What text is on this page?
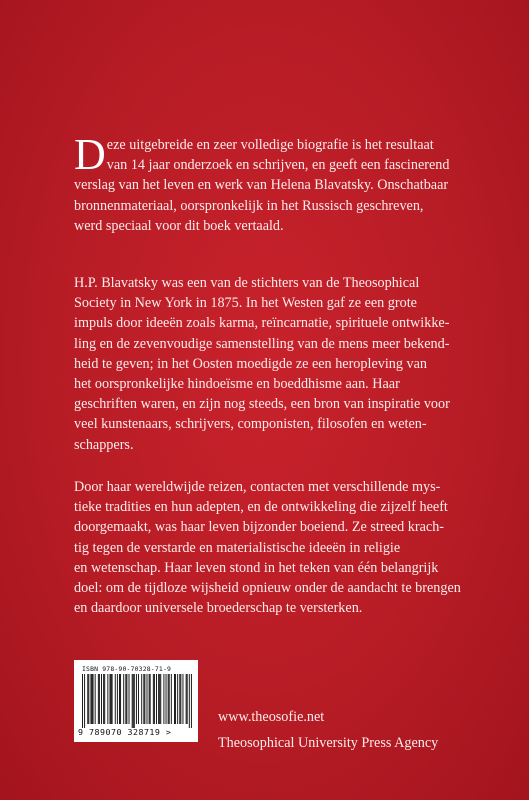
D eze uitgebreide en zeer volledige biografie is het resultaat
van 14 jaar onderzoek en schrijven, en geeft een fascinerend
verslag van het leven en werk van Helena Blavatsky. Onschatbaar
bronnenmateriaal, oorspronkelijk in het Russisch geschreven,
werd speciaal voor dit boek vertaald.
H.P. Blavatsky was een van de stichters van de Theosophical
Society in New York in 1875. In het Westen gaf ze een grote
impuls door ideeën zoals karma, reïncarnatie, spirituele ontwikke-
ling en de zevenvoudige samenstelling van de mens meer bekend-
heid te geven; in het Oosten moedigde ze een heropleving van
het oorspronkelijke hindoeïsme en boeddhisme aan. Haar
geschriften waren, en zijn nog steeds, een bron van inspiratie voor
veel kunstenaars, schrijvers, componisten, filosofen en weten-
schappers.
Door haar wereldwijde reizen, contacten met verschillende mys-
tieke tradities en hun adepten, en de ontwikkeling die zijzelf heeft
doorgemaakt, was haar leven bijzonder boeiend. Ze streed krach-
tig tegen de verstarde en materialistische ideeën in religie
en wetenschap. Haar leven stond in het teken van één belangrijk
doel: om de tijdloze wijsheid opnieuw onder de aandacht te brengen
en daardoor universele broederschap te versterken.
ISBN 978-90-70328-71-9
9 789070 328719 >
www.theosofie.net
Theosophical University Press Agency
